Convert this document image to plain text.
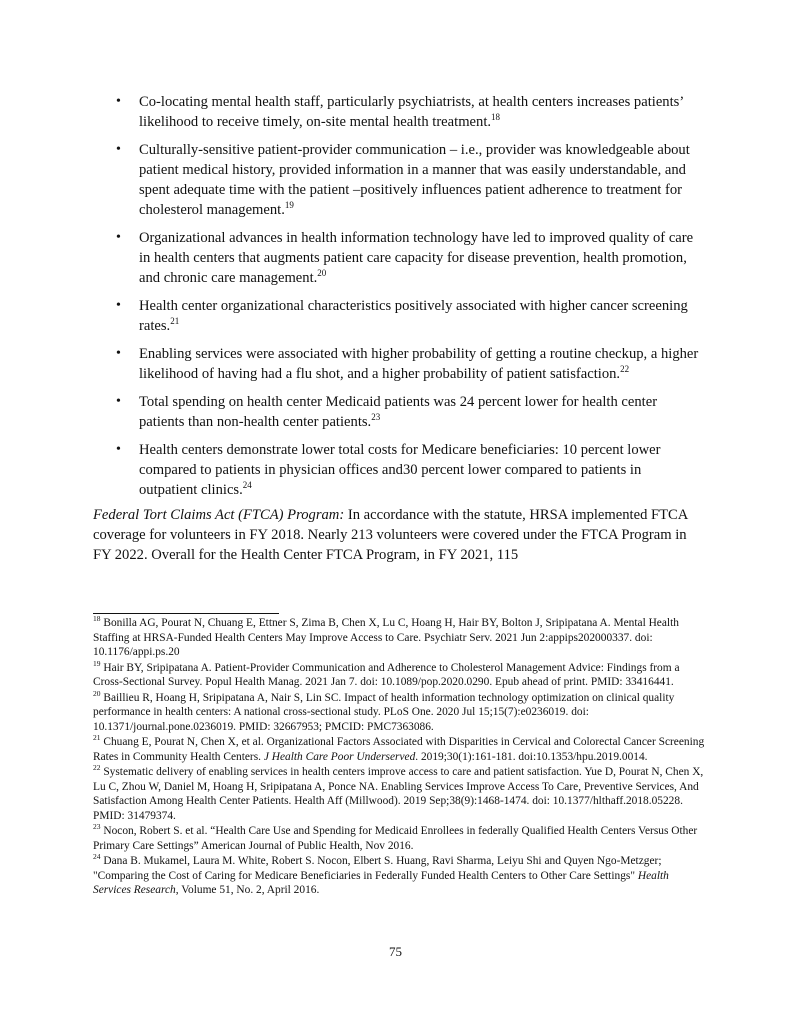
• Co-locating mental health staff, particularly psychiatrists, at health centers increases patients’ likelihood to receive timely, on-site mental health treatment.$^{18}$
• Culturally-sensitive patient-provider communication – i.e., provider was knowledgeable about patient medical history, provided information in a manner that was easily understandable, and spent adequate time with the patient –positively influences patient adherence to treatment for cholesterol management.$^{19}$
• Organizational advances in health information technology have led to improved quality of care in health centers that augments patient care capacity for disease prevention, health promotion, and chronic care management.$^{20}$
• Health center organizational characteristics positively associated with higher cancer screening rates.$^{21}$
• Enabling services were associated with higher probability of getting a routine checkup, a higher likelihood of having had a flu shot, and a higher probability of patient satisfaction.$^{22}$
• Total spending on health center Medicaid patients was 24 percent lower for health center patients than non-health center patients.$^{23}$
• Health centers demonstrate lower total costs for Medicare beneficiaries: 10 percent lower compared to patients in physician offices and30 percent lower compared to patients in outpatient clinics.$^{24}$

Federal Tort Claims Act (FTCA) Program: In accordance with the statute, HRSA implemented FTCA coverage for volunteers in FY 2018. Nearly 213 volunteers were covered under the FTCA Program in FY 2022. Overall for the Health Center FTCA Program, in FY 2021, 115

$^{18}$ Bonilla AG, Pourat N, Chuang E, Ettner S, Zima B, Chen X, Lu C, Hoang H, Hair BY, Bolton J, Sripipatana A. Mental Health Staffing at HRSA-Funded Health Centers May Improve Access to Care. Psychiatr Serv. 2021 Jun 2:appips202000337. doi: 10.1176/appi.ps.20

$^{19}$ Hair BY, Sripipatana A. Patient-Provider Communication and Adherence to Cholesterol Management Advice: Findings from a Cross-Sectional Survey. Popul Health Manag. 2021 Jan 7. doi: 10.1089/pop.2020.0290. Epub ahead of print. PMID: 33416441.

$^{20}$ Baillieu R, Hoang H, Sripipatana A, Nair S, Lin SC. Impact of health information technology optimization on clinical quality performance in health centers: A national cross-sectional study. PLoS One. 2020 Jul 15;15(7):e0236019. doi: 10.1371/journal.pone.0236019. PMID: 32667953; PMCID: PMC7363086.

$^{21}$ Chuang E, Pourat N, Chen X, et al. Organizational Factors Associated with Disparities in Cervical and Colorectal Cancer Screening Rates in Community Health Centers. J Health Care Poor Underserved. 2019;30(1):161-181. doi:10.1353/hpu.2019.0014.

$^{22}$ Systematic delivery of enabling services in health centers improve access to care and patient satisfaction. Yue D, Pourat N, Chen X, Lu C, Zhou W, Daniel M, Hoang H, Sripipatana A, Ponce NA. Enabling Services Improve Access To Care, Preventive Services, And Satisfaction Among Health Center Patients. Health Aff (Millwood). 2019 Sep;38(9):1468-1474. doi: 10.1377/hlthaff.2018.05228. PMID: 31479374.

$^{23}$ Nocon, Robert S. et al. “Health Care Use and Spending for Medicaid Enrollees in federally Qualified Health Centers Versus Other Primary Care Settings” American Journal of Public Health, Nov 2016.

$^{24}$ Dana B. Mukamel, Laura M. White, Robert S. Nocon, Elbert S. Huang, Ravi Sharma, Leiyu Shi and Quyen Ngo-Metzger; "Comparing the Cost of Caring for Medicare Beneficiaries in Federally Funded Health Centers to Other Care Settings" Health Services Research, Volume 51, No. 2, April 2016.

75
